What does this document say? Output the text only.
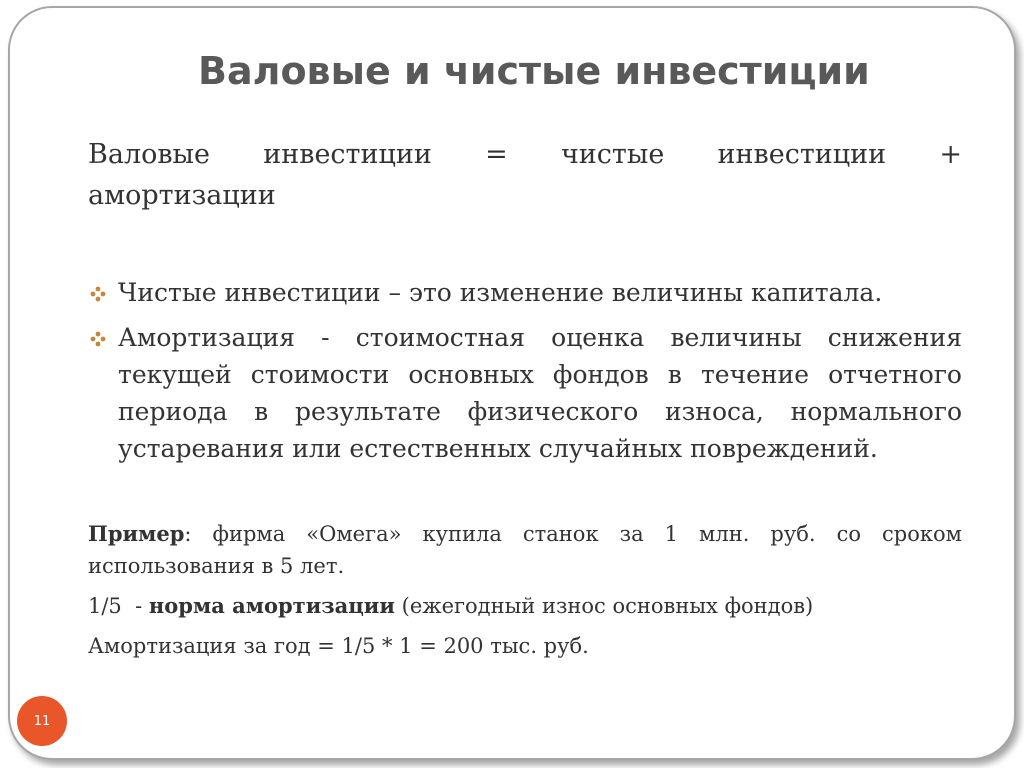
Валовые и чистые инвестиции
Валовые инвестиции = чистые инвестиции +
амортизации
Чистые инвестиции – это изменение величины капитала.
Амортизация - стоимостная оценка величины снижения текущей стоимости основных фондов в течение отчетного периода в результате физического износа, нормального устаревания или естественных случайных повреждений.

Пример: фирма «Омега» купила станок за 1 млн. руб. со сроком использования в 5 лет.

1/5  - норма амортизации (ежегодный износ основных фондов)

Амортизация за год = 1/5 * 1 = 200 тыс. руб.

11
